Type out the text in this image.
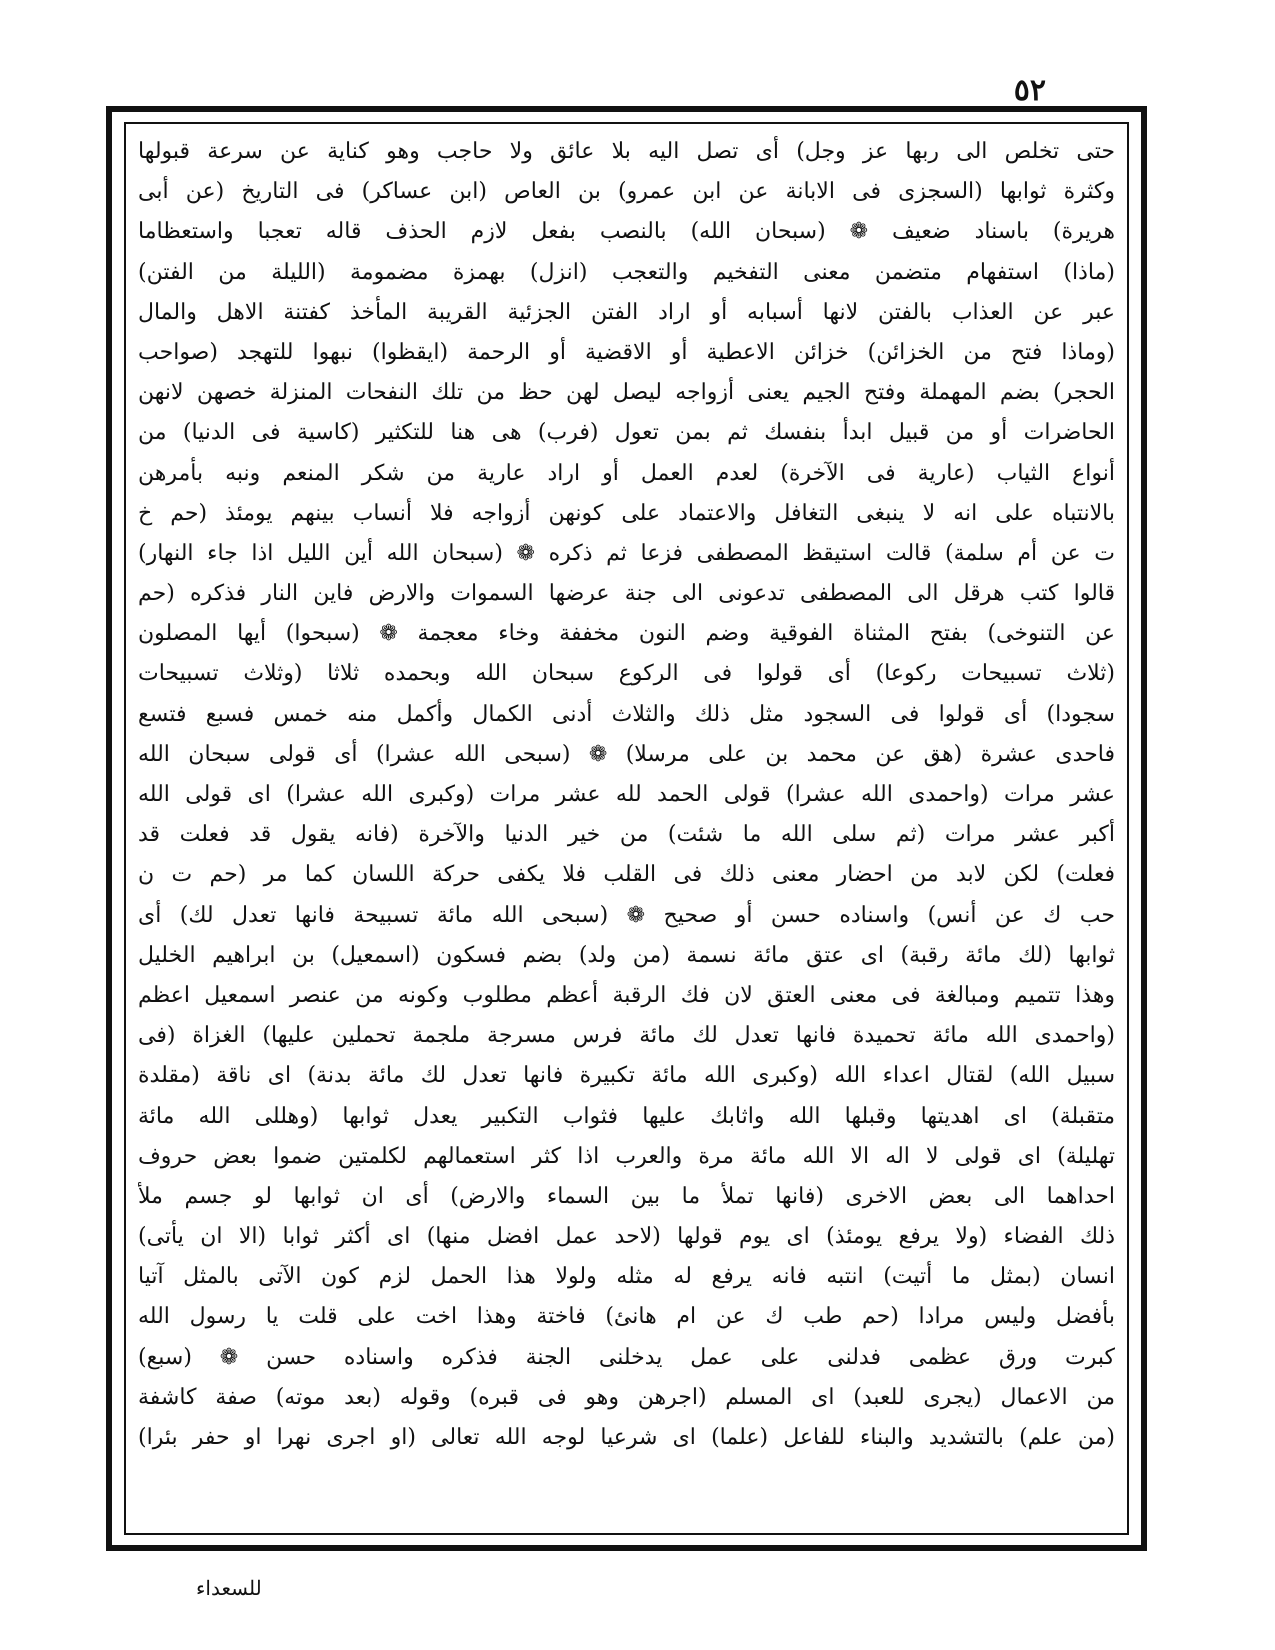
٥٢
حتى تخلص الى ربها عز وجل) أى تصل اليه بلا عائق ولا حاجب وهو كناية عن سرعة قبولها
وكثرة ثوابها (السجزى فى الابانة عن ابن عمرو) بن العاص (ابن عساكر) فى التاريخ (عن أبى
هريرة) باسناد ضعيف ❁ (سبحان الله) بالنصب بفعل لازم الحذف قاله تعجبا واستعظاما
(ماذا) استفهام متضمن معنى التفخيم والتعجب (انزل) بهمزة مضمومة (الليلة من الفتن)
عبر عن العذاب بالفتن لانها أسبابه أو اراد الفتن الجزئية القريبة المأخذ كفتنة الاهل والمال
(وماذا فتح من الخزائن) خزائن الاعطية أو الاقضية أو الرحمة (ايقظوا) نبهوا للتهجد (صواحب
الحجر) بضم المهملة وفتح الجيم يعنى أزواجه ليصل لهن حظ من تلك النفحات المنزلة خصهن لانهن
الحاضرات أو من قبيل ابدأ بنفسك ثم بمن تعول (فرب) هى هنا للتكثير (كاسية فى الدنيا) من
أنواع الثياب (عارية فى الآخرة) لعدم العمل أو اراد عارية من شكر المنعم ونبه بأمرهن
بالانتباه على انه لا ينبغى التغافل والاعتماد على كونهن أزواجه فلا أنساب بينهم يومئذ (حم خ
ت عن أم سلمة) قالت استيقظ المصطفى فزعا ثم ذكره ❁ (سبحان الله أين الليل اذا جاء النهار)
قالوا كتب هرقل الى المصطفى تدعونى الى جنة عرضها السموات والارض فاين النار فذكره (حم
عن التنوخى) بفتح المثناة الفوقية وضم النون مخففة وخاء معجمة ❁ (سبحوا) أيها المصلون
(ثلاث تسبيحات ركوعا) أى قولوا فى الركوع سبحان الله وبحمده ثلاثا (وثلاث تسبيحات
سجودا) أى قولوا فى السجود مثل ذلك والثلاث أدنى الكمال وأكمل منه خمس فسبع فتسع
فاحدى عشرة (هق عن محمد بن على مرسلا) ❁ (سبحى الله عشرا) أى قولى سبحان الله
عشر مرات (واحمدى الله عشرا) قولى الحمد لله عشر مرات (وكبرى الله عشرا) اى قولى الله
أكبر عشر مرات (ثم سلى الله ما شئت) من خير الدنيا والآخرة (فانه يقول قد فعلت قد
فعلت) لكن لابد من احضار معنى ذلك فى القلب فلا يكفى حركة اللسان كما مر (حم ت ن
حب ك عن أنس) واسناده حسن أو صحيح ❁ (سبحى الله مائة تسبيحة فانها تعدل لك) أى
ثوابها (لك مائة رقبة) اى عتق مائة نسمة (من ولد) بضم فسكون (اسمعيل) بن ابراهيم الخليل
وهذا تتميم ومبالغة فى معنى العتق لان فك الرقبة أعظم مطلوب وكونه من عنصر اسمعيل اعظم
(واحمدى الله مائة تحميدة فانها تعدل لك مائة فرس مسرجة ملجمة تحملين عليها) الغزاة (فى
سبيل الله) لقتال اعداء الله (وكبرى الله مائة تكبيرة فانها تعدل لك مائة بدنة) اى ناقة (مقلدة
متقبلة) اى اهديتها وقبلها الله واثابك عليها فثواب التكبير يعدل ثوابها (وهللى الله مائة
تهليلة) اى قولى لا اله الا الله مائة مرة والعرب اذا كثر استعمالهم لكلمتين ضموا بعض حروف
احداهما الى بعض الاخرى (فانها تملأ ما بين السماء والارض) أى ان ثوابها لو جسم ملأ
ذلك الفضاء (ولا يرفع يومئذ) اى يوم قولها (لاحد عمل افضل منها) اى أكثر ثوابا (الا ان يأتى)
انسان (بمثل ما أتيت) انتبه فانه يرفع له مثله ولولا هذا الحمل لزم كون الآتى بالمثل آتيا
بأفضل وليس مرادا (حم طب ك عن ام هانئ) فاختة وهذا اخت على قلت يا رسول الله
كبرت ورق عظمى فدلنى على عمل يدخلنى الجنة فذكره واسناده حسن ❁ (سبع)
من الاعمال (يجرى للعبد) اى المسلم (اجرهن وهو فى قبره) وقوله (بعد موته) صفة كاشفة
(من علم) بالتشديد والبناء للفاعل (علما) اى شرعيا لوجه الله تعالى (او اجرى نهرا او حفر بئرا)
للسعداء
